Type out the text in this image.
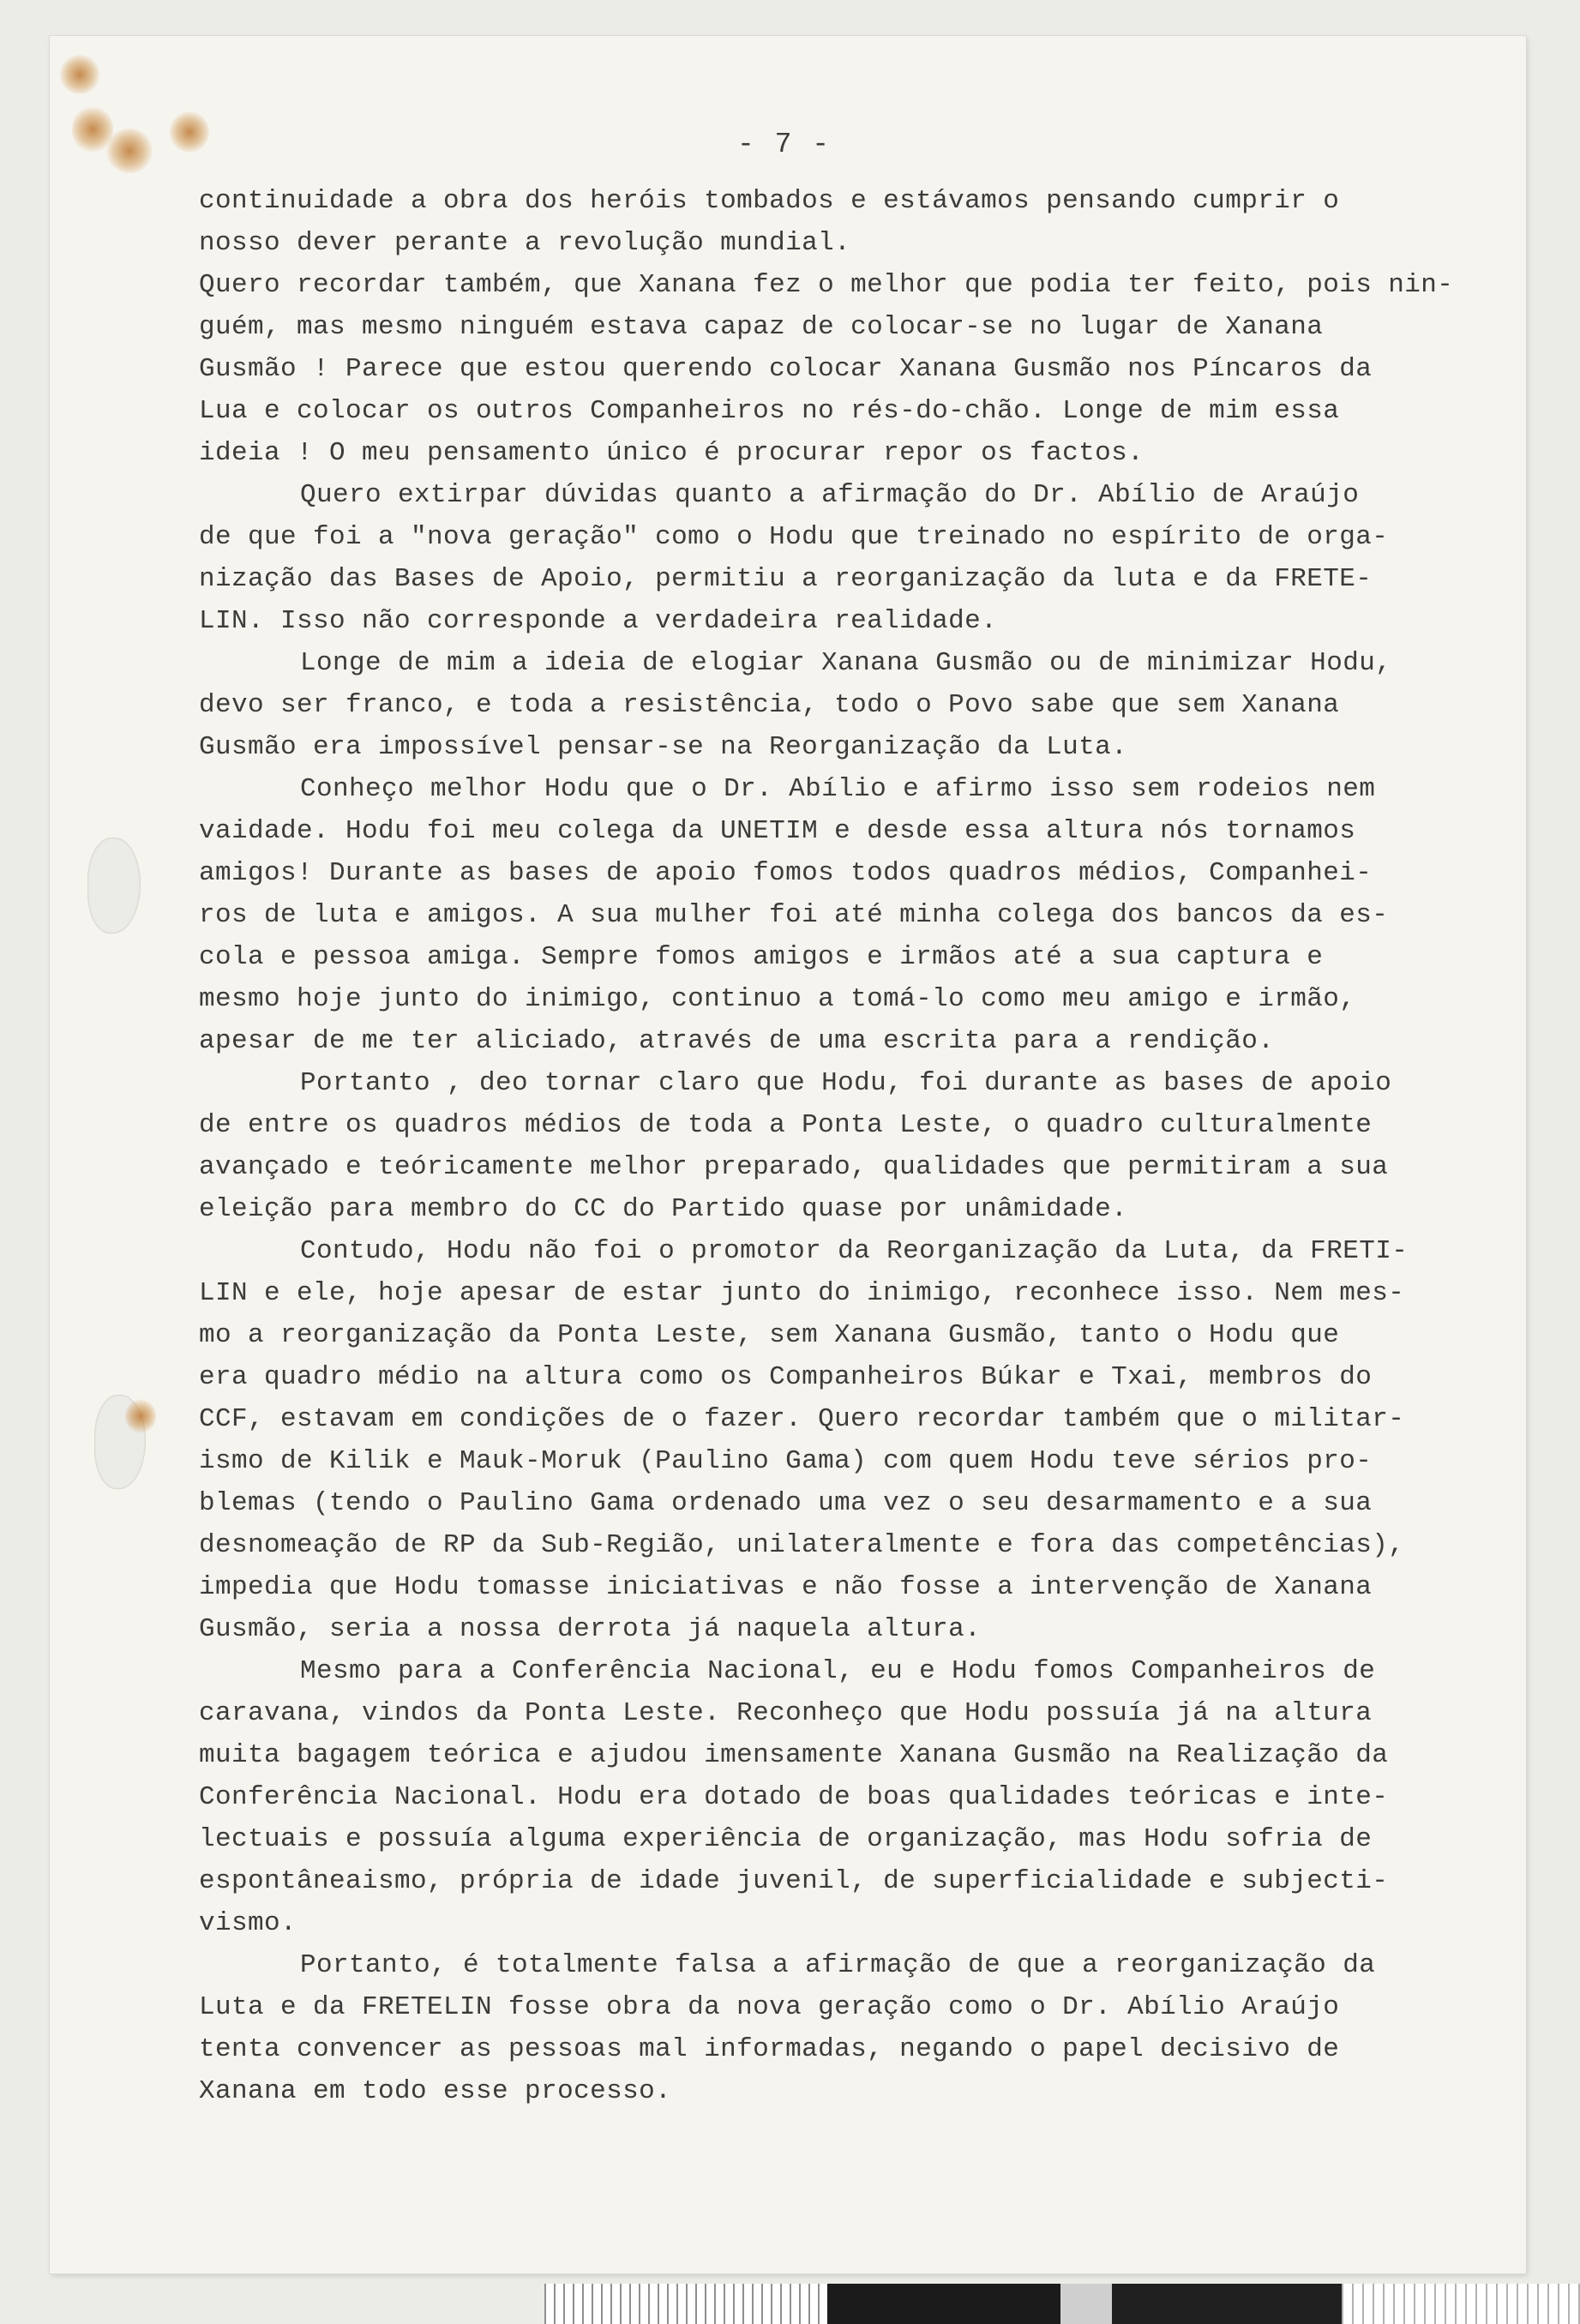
- 7 -
continuidade a obra dos heróis tombados e estávamos pensando cumprir o
nosso dever perante a revolução mundial.
Quero recordar também, que Xanana fez o melhor que podia ter feito, pois nin-
guém, mas mesmo ninguém estava capaz de colocar-se no lugar de Xanana
Gusmão ! Parece que estou querendo colocar Xanana Gusmão nos Píncaros da
Lua e colocar os outros Companheiros no rés-do-chão. Longe de mim essa
ideia ! O meu pensamento único é procurar repor os factos.
Quero extirpar dúvidas quanto a afirmação do Dr. Abílio de Araújo
de que foi a "nova geração" como o Hodu que treinado no espírito de orga-
nização das Bases de Apoio, permitiu a reorganização da luta e da FRETE-
LIN. Isso não corresponde a verdadeira realidade.
Longe de mim a ideia de elogiar Xanana Gusmão ou de minimizar Hodu,
devo ser franco, e toda a resistência, todo o Povo sabe que sem Xanana
Gusmão era impossível pensar-se na Reorganização da Luta.
Conheço melhor Hodu que o Dr. Abílio e afirmo isso sem rodeios nem
vaidade. Hodu foi meu colega da UNETIM e desde essa altura nós tornamos
amigos! Durante as bases de apoio fomos todos quadros médios, Companhei-
ros de luta e amigos. A sua mulher foi até minha colega dos bancos da es-
cola e pessoa amiga. Sempre fomos amigos e irmãos até a sua captura e
mesmo hoje junto do inimigo, continuo a tomá-lo como meu amigo e irmão,
apesar de me ter aliciado, através de uma escrita para a rendição.
Portanto , deo tornar claro que Hodu, foi durante as bases de apoio
de entre os quadros médios de toda a Ponta Leste, o quadro culturalmente
avançado e teóricamente melhor preparado, qualidades que permitiram a sua
eleição para membro do CC do Partido quase por unâmidade.
Contudo, Hodu não foi o promotor da Reorganização da Luta, da FRETI-
LIN e ele, hoje apesar de estar junto do inimigo, reconhece isso. Nem mes-
mo a reorganização da Ponta Leste, sem Xanana Gusmão, tanto o Hodu que
era quadro médio na altura como os Companheiros Búkar e Txai, membros do
CCF, estavam em condições de o fazer. Quero recordar também que o militar-
ismo de Kilik e Mauk-Moruk (Paulino Gama) com quem Hodu teve sérios pro-
blemas (tendo o Paulino Gama ordenado uma vez o seu desarmamento e a sua
desnomeação de RP da Sub-Região, unilateralmente e fora das competências),
impedia que Hodu tomasse iniciativas e não fosse a intervenção de Xanana
Gusmão, seria a nossa derrota já naquela altura.
Mesmo para a Conferência Nacional, eu e Hodu fomos Companheiros de
caravana, vindos da Ponta Leste. Reconheço que Hodu possuía já na altura
muita bagagem teórica e ajudou imensamente Xanana Gusmão na Realização da
Conferência Nacional. Hodu era dotado de boas qualidades teóricas e inte-
lectuais e possuía alguma experiência de organização, mas Hodu sofria de
espontâneaismo, própria de idade juvenil, de superficialidade e subjecti-
vismo.
Portanto, é totalmente falsa a afirmação de que a reorganização da
Luta e da FRETELIN fosse obra da nova geração como o Dr. Abílio Araújo
tenta convencer as pessoas mal informadas, negando o papel decisivo de
Xanana em todo esse processo.
